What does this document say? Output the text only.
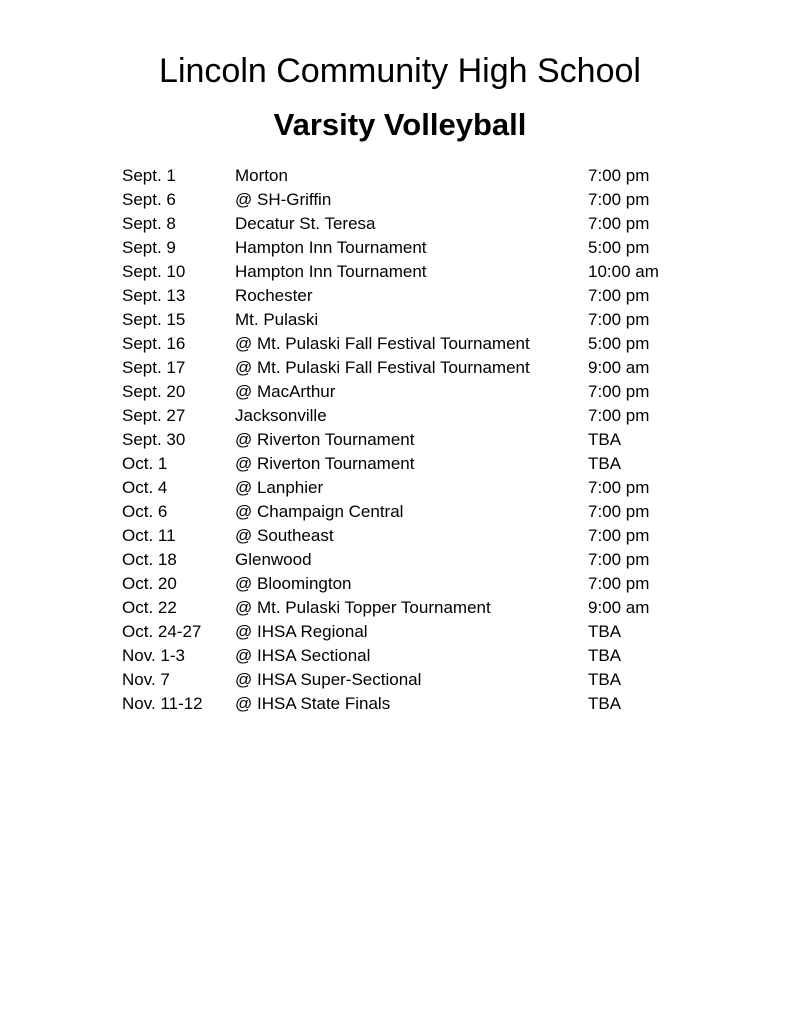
Lincoln Community High School
Varsity Volleyball
Sept. 1	Morton	7:00 pm
Sept. 6	@ SH-Griffin	7:00 pm
Sept. 8	Decatur St. Teresa	7:00 pm
Sept. 9	Hampton Inn Tournament	5:00 pm
Sept. 10	Hampton Inn Tournament	10:00 am
Sept. 13	Rochester	7:00 pm
Sept. 15	Mt. Pulaski	7:00 pm
Sept. 16	@ Mt. Pulaski Fall Festival Tournament	5:00 pm
Sept. 17	@ Mt. Pulaski Fall Festival Tournament	9:00 am
Sept. 20	@ MacArthur	7:00 pm
Sept. 27	Jacksonville	7:00 pm
Sept. 30	@ Riverton Tournament	TBA
Oct. 1	@ Riverton Tournament	TBA
Oct. 4	@ Lanphier	7:00 pm
Oct. 6	@ Champaign Central	7:00 pm
Oct. 11	@ Southeast	7:00 pm
Oct. 18	Glenwood	7:00 pm
Oct. 20	@ Bloomington	7:00 pm
Oct. 22	@ Mt. Pulaski Topper Tournament	9:00 am
Oct. 24-27	@ IHSA Regional	TBA
Nov. 1-3	@ IHSA Sectional	TBA
Nov. 7	@ IHSA Super-Sectional	TBA
Nov. 11-12	@ IHSA State Finals	TBA
